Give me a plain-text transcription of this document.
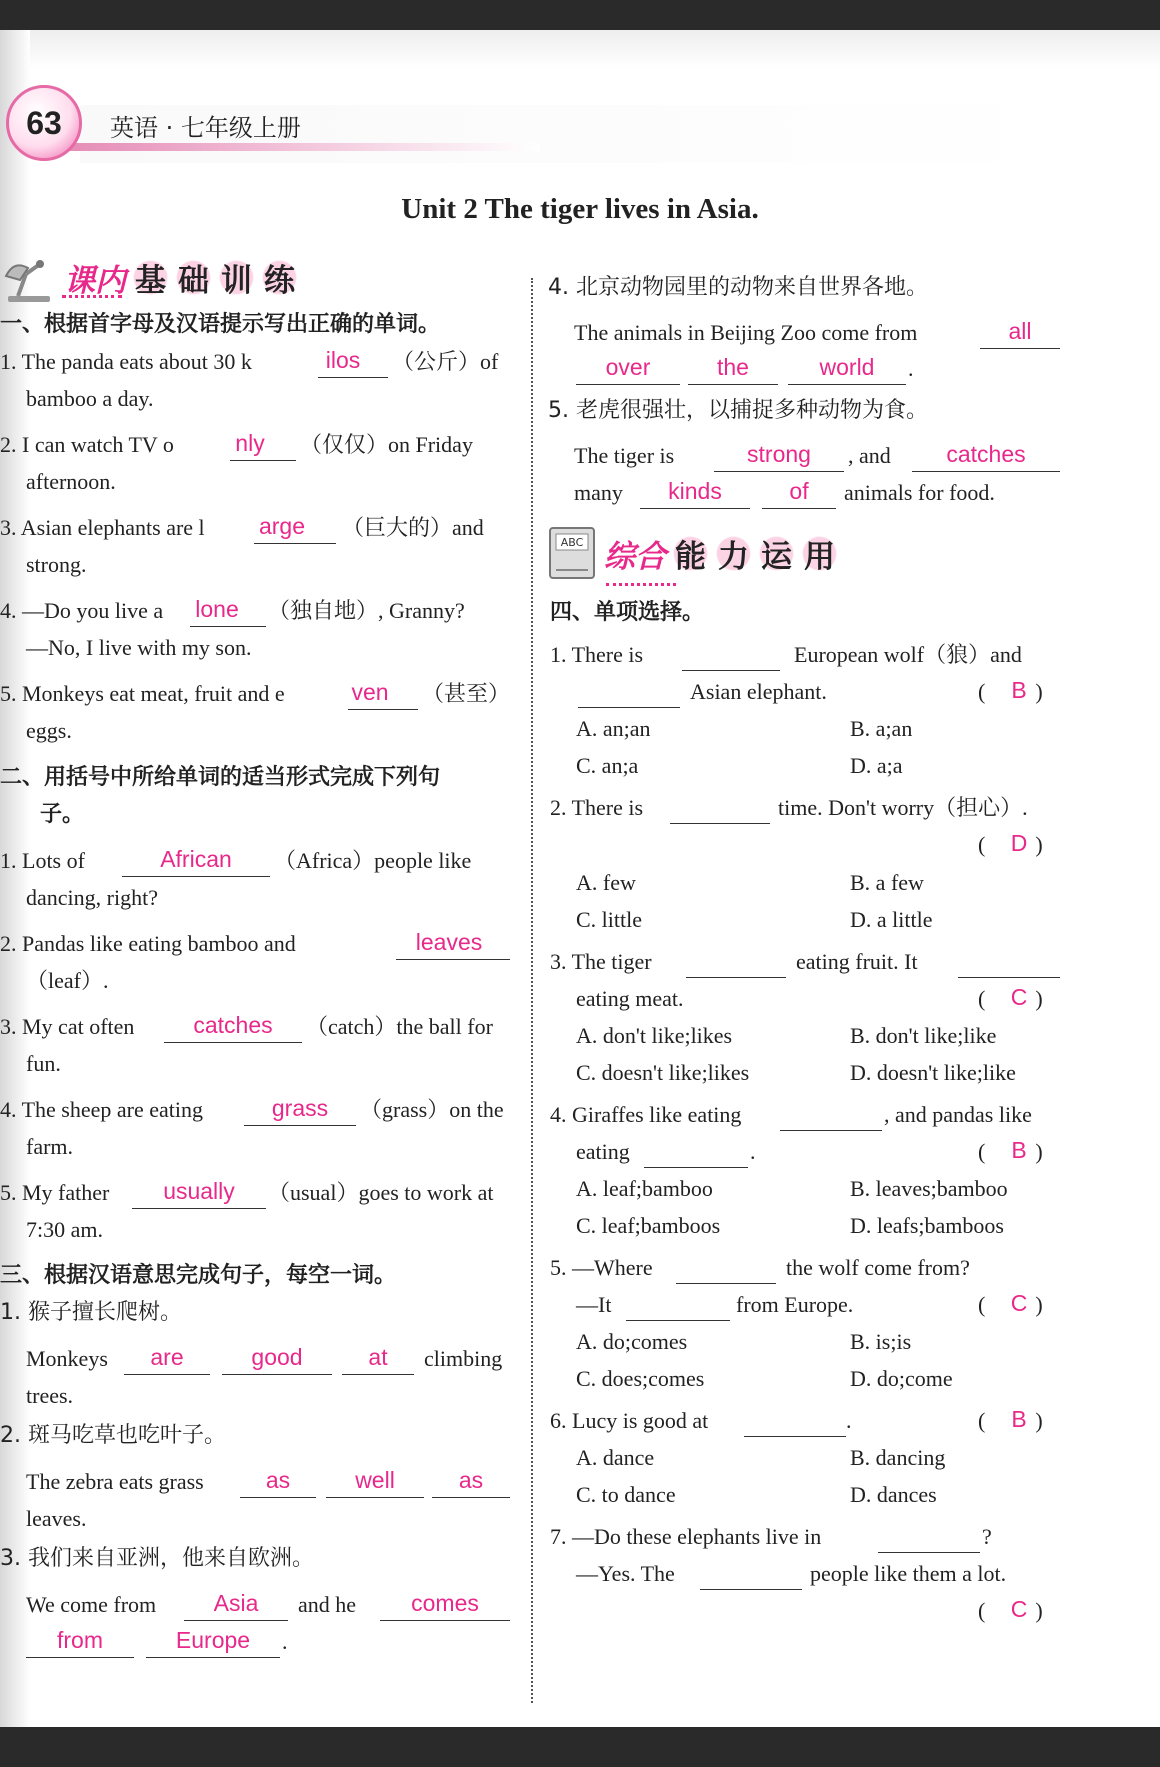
63 英语 · 七年级上册
Unit 2 The tiger lives in Asia.
课内 基 础 训 练
一、根据首字母及汉语提示写出正确的单词。
1. The panda eats about 30 k	ilos	（公斤）of
bamboo a day.
2. I can watch TV o	nly （仅仅）on Friday
afternoon.
3. Asian elephants are l arge （巨大的）and
strong.
4. —Do you live a lone （独自地）, Granny?
—No, I live with my son.
5. Monkeys eat meat, fruit and e	ven （甚至）
eggs.
二、用括号中所给单词的适当形式完成下列句
子。
1. Lots of	African	（Africa）people like
dancing, right?
2. Pandas like eating bamboo and	leaves
（leaf）.
3. My cat often	catches	（catch）the ball for
fun.
4. The sheep are eating	grass	（grass）on the
farm.
5. My father	usually	（usual）goes to work at
7:30 am.
三、根据汉语意思完成句子，每空一词。
1. 猴子擅长爬树。
Monkeys	are	good	at	climbing
trees.
2. 斑马吃草也吃叶子。
The zebra eats grass	as	well	as
leaves.
3. 我们来自亚洲，他来自欧洲。
We come from	Asia	and he	comes
from	Europe	.
4. 北京动物园里的动物来自世界各地。
The animals in Beijing Zoo come from	all
over	the	world	.
5. 老虎很强壮，以捕捉多种动物为食。
The tiger is	strong	, and	catches
many	kinds	of	animals for food.
ABC 综合 能 力 运 用
四、单项选择。
1. There is	European wolf（狼）and
Asian elephant.	( )
B
A. an;an	B. a;an
C. an;a	D. a;a
2. There is	time. Don't worry（担心）.
( )
D
A. few	B. a few
C. little	D. a little
3. The tiger	eating fruit. It
eating meat.	( )
C
A. don't like;likes	B. don't like;like
C. doesn't like;likes	D. doesn't like;like
4. Giraffes like eating	, and pandas like
eating	.	( )
B
A. leaf;bamboo	B. leaves;bamboo
C. leaf;bamboos	D. leafs;bamboos
5. —Where	the wolf come from?
—It	from Europe.	( )
C
A. do;comes	B. is;is
C. does;comes	D. do;come
6. Lucy is good at	.	( )
B
A. dance	B. dancing
C. to dance	D. dances
7. —Do these elephants live in	?
—Yes. The	people like them a lot.
( )
C
